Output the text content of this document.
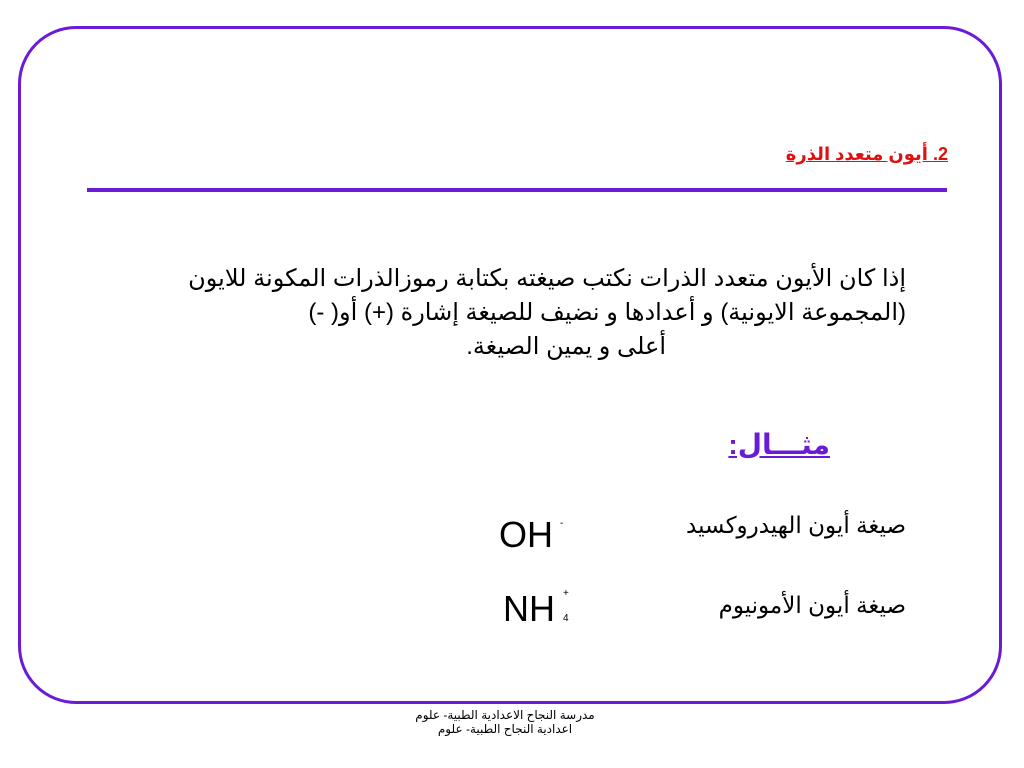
2. أيون متعدد الذرة
إذا كان الأيون متعدد الذرات نكتب صيغته بكتابة رموزالذرات المكونة للايون
(المجموعة الايونية) و أعدادها و نضيف للصيغة إشارة (+) أو( -)
أعلى و يمين الصيغة.
مثـــال:
صيغة أيون الهيدروكسيد
OH -
صيغة أيون الأمونيوم
NH +
4
مدرسة النجاح الاعدادية الطبية- علوم
اعدادية النجاح الطبية- علوم
